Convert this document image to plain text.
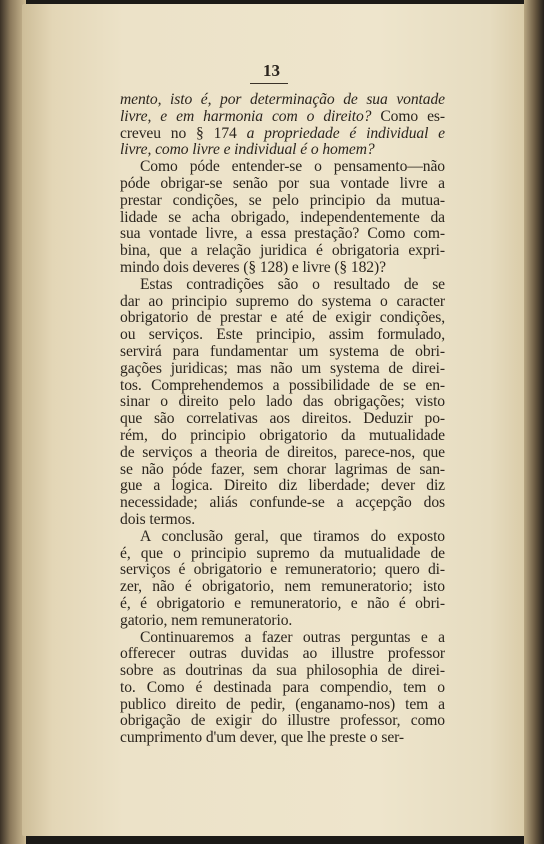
13
mento, isto é, por determinação de sua vontade
livre, e em harmonia com o direito? Como es-
creveu no § 174 a propriedade é individual e
livre, como livre e individual é o homem?
Como póde entender-se o pensamento—não
póde obrigar-se senão por sua vontade livre a
prestar condições, se pelo principio da mutua-
lidade se acha obrigado, independentemente da
sua vontade livre, a essa prestação? Como com-
bina, que a relação juridica é obrigatoria expri-
mindo dois deveres (§ 128) e livre (§ 182)?
Estas contradições são o resultado de se
dar ao principio supremo do systema o caracter
obrigatorio de prestar e até de exigir condições,
ou serviços. Este principio, assim formulado,
servirá para fundamentar um systema de obri-
gações juridicas; mas não um systema de direi-
tos. Comprehendemos a possibilidade de se en-
sinar o direito pelo lado das obrigações; visto
que são correlativas aos direitos. Deduzir po-
rém, do principio obrigatorio da mutualidade
de serviços a theoria de direitos, parece-nos, que
se não póde fazer, sem chorar lagrimas de san-
gue a logica. Direito diz liberdade; dever diz
necessidade; aliás confunde-se a acçepção dos
dois termos.
A conclusão geral, que tiramos do exposto
é, que o principio supremo da mutualidade de
serviços é obrigatorio e remuneratorio; quero di-
zer, não é obrigatorio, nem remuneratorio; isto
é, é obrigatorio e remuneratorio, e não é obri-
gatorio, nem remuneratorio.
Continuaremos a fazer outras perguntas e a
offerecer outras duvidas ao illustre professor
sobre as doutrinas da sua philosophia de direi-
to. Como é destinada para compendio, tem o
publico direito de pedir, (enganamo-nos) tem a
obrigação de exigir do illustre professor, como
cumprimento d'um dever, que lhe preste o ser-
